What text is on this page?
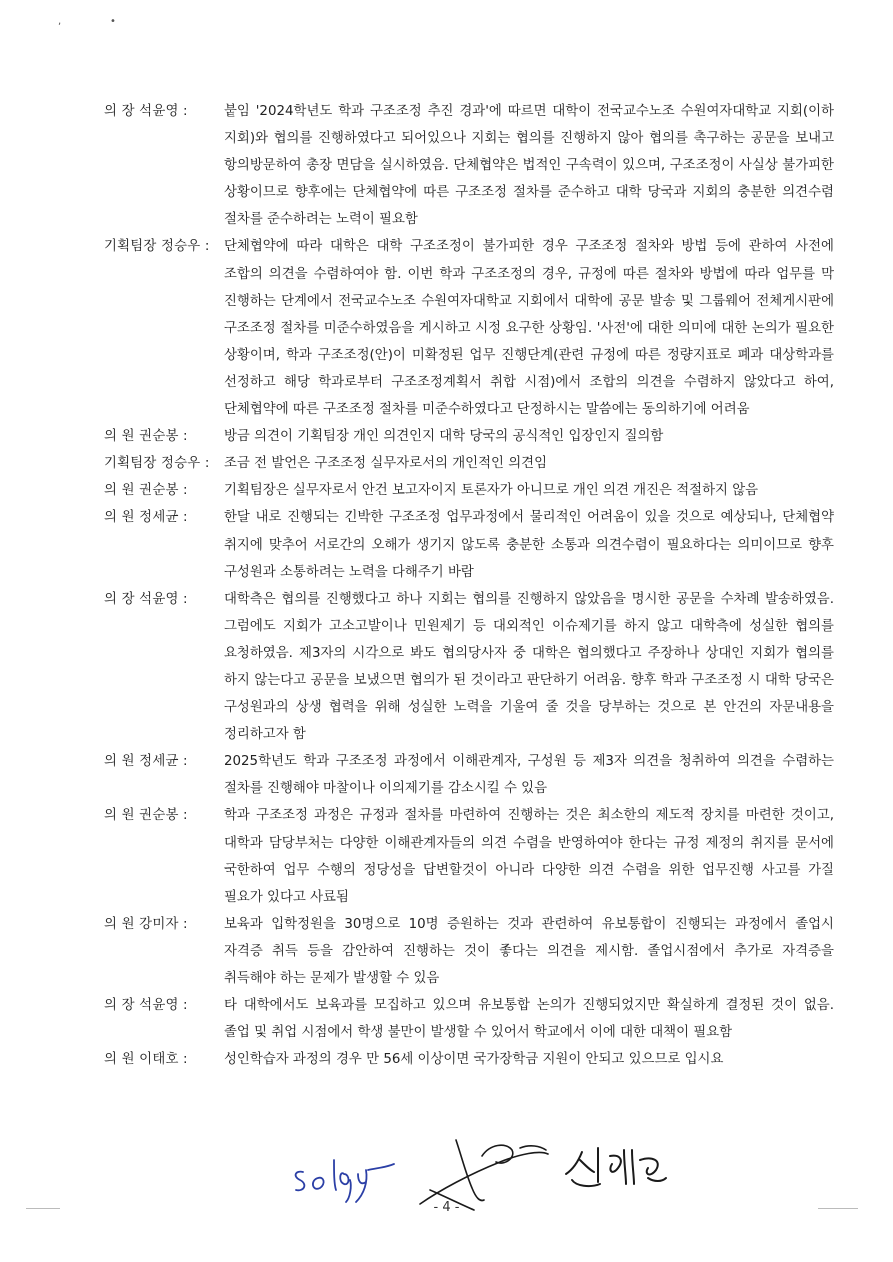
,	•
의 장 석윤영 :	붙임 '2024학년도 학과 구조조정 추진 경과'에 따르면 대학이 전국교수노조 수원여자대학교 지회(이하 지회)와 협의를 진행하였다고 되어있으나 지회는 협의를 진행하지 않아 협의를 촉구하는 공문을 보내고 항의방문하여 총장 면담을 실시하였음. 단체협약은 법적인 구속력이 있으며, 구조조정이 사실상 불가피한 상황이므로 향후에는 단체협약에 따른 구조조정 절차를 준수하고 대학 당국과 지회의 충분한 의견수렴 절차를 준수하려는 노력이 필요함
기획팀장 정승우 :	단체협약에 따라 대학은 대학 구조조정이 불가피한 경우 구조조정 절차와 방법 등에 관하여 사전에 조합의 의견을 수렴하여야 함. 이번 학과 구조조정의 경우, 규정에 따른 절차와 방법에 따라 업무를 막 진행하는 단계에서 전국교수노조 수원여자대학교 지회에서 대학에 공문 발송 및 그룹웨어 전체게시판에 구조조정 절차를 미준수하였음을 게시하고 시정 요구한 상황임. '사전'에 대한 의미에 대한 논의가 필요한 상황이며, 학과 구조조정(안)이 미확정된 업무 진행단계(관련 규정에 따른 정량지표로 폐과 대상학과를 선정하고 해당 학과로부터 구조조정계획서 취합 시점)에서 조합의 의견을 수렴하지 않았다고 하여, 단체협약에 따른 구조조정 절차를 미준수하였다고 단정하시는 말씀에는 동의하기에 어려움
의 원 권순봉 :	방금 의견이 기획팀장 개인 의견인지 대학 당국의 공식적인 입장인지 질의함
기획팀장 정승우 :	조금 전 발언은 구조조정 실무자로서의 개인적인 의견임
의 원 권순봉 :	기획팀장은 실무자로서 안건 보고자이지 토론자가 아니므로 개인 의견 개진은 적절하지 않음
의 원 정세균 :	한달 내로 진행되는 긴박한 구조조정 업무과정에서 물리적인 어려움이 있을 것으로 예상되나, 단체협약 취지에 맞추어 서로간의 오해가 생기지 않도록 충분한 소통과 의견수렴이 필요하다는 의미이므로 향후 구성원과 소통하려는 노력을 다해주기 바람
의 장 석윤영 :	대학측은 협의를 진행했다고 하나 지회는 협의를 진행하지 않았음을 명시한 공문을 수차례 발송하였음. 그럼에도 지회가 고소고발이나 민원제기 등 대외적인 이슈제기를 하지 않고 대학측에 성실한 협의를 요청하였음. 제3자의 시각으로 봐도 협의당사자 중 대학은 협의했다고 주장하나 상대인 지회가 협의를 하지 않는다고 공문을 보냈으면 협의가 된 것이라고 판단하기 어려움. 향후 학과 구조조정 시 대학 당국은 구성원과의 상생 협력을 위해 성실한 노력을 기울여 줄 것을 당부하는 것으로 본 안건의 자문내용을 정리하고자 함
의 원 정세균 :	2025학년도 학과 구조조정 과정에서 이해관계자, 구성원 등 제3자 의견을 청취하여 의견을 수렴하는 절차를 진행해야 마찰이나 이의제기를 감소시킬 수 있음
의 원 권순봉 :	학과 구조조정 과정은 규정과 절차를 마련하여 진행하는 것은 최소한의 제도적 장치를 마련한 것이고, 대학과 담당부처는 다양한 이해관계자들의 의견 수렴을 반영하여야 한다는 규정 제정의 취지를 문서에 국한하여 업무 수행의 정당성을 답변할것이 아니라 다양한 의견 수렴을 위한 업무진행 사고를 가질 필요가 있다고 사료됨
의 원 강미자 :	보육과 입학정원을 30명으로 10명 증원하는 것과 관련하여 유보통합이 진행되는 과정에서 졸업시 자격증 취득 등을 감안하여 진행하는 것이 좋다는 의견을 제시함. 졸업시점에서 추가로 자격증을 취득해야 하는 문제가 발생할 수 있음
의 장 석윤영 :	타 대학에서도 보육과를 모집하고 있으며 유보통합 논의가 진행되었지만 확실하게 결정된 것이 없음. 졸업 및 취업 시점에서 학생 불만이 발생할 수 있어서 학교에서 이에 대한 대책이 필요함
의 원 이태호 :	성인학습자 과정의 경우 만 56세 이상이면 국가장학금 지원이 안되고 있으므로 입시요
- 4 -
